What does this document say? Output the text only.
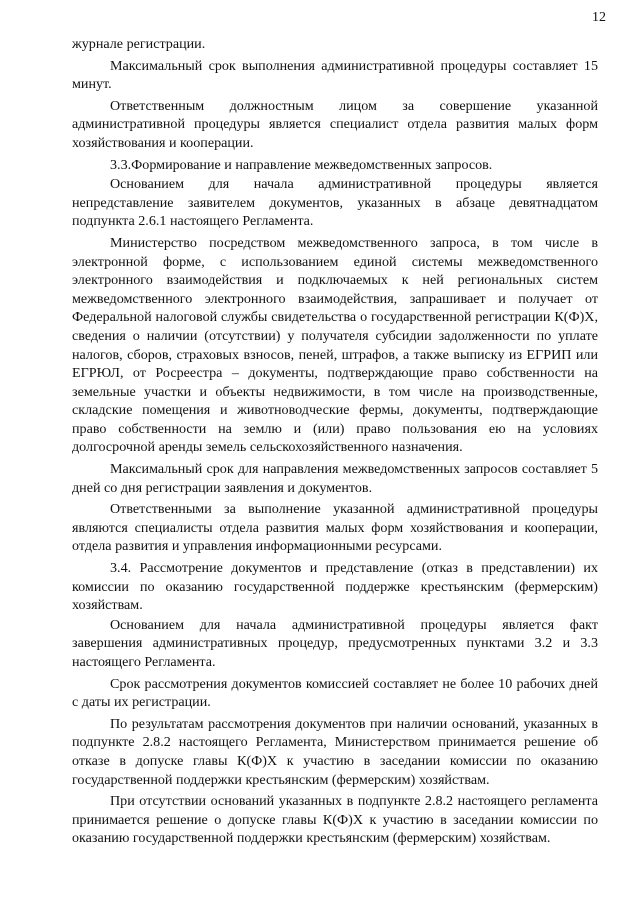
12

журнале регистрации.

Максимальный срок выполнения административной процедуры составляет 15 минут.

Ответственным должностным лицом за совершение указанной административной процедуры является специалист отдела развития малых форм хозяйствования и кооперации.

3.3.Формирование и направление межведомственных запросов.

Основанием для начала административной процедуры является непредставление заявителем документов, указанных в абзаце девятнадцатом подпункта 2.6.1 настоящего Регламента.

Министерство посредством межведомственного запроса, в том числе в электронной форме, с использованием единой системы межведомственного электронного взаимодействия и подключаемых к ней региональных систем межведомственного электронного взаимодействия, запрашивает и получает от Федеральной налоговой службы свидетельства о государственной регистрации К(Ф)Х, сведения о наличии (отсутствии) у получателя субсидии задолженности по уплате налогов, сборов, страховых взносов, пеней, штрафов, а также выписку из ЕГРИП или ЕГРЮЛ, от Росреестра – документы, подтверждающие право собственности на земельные участки и объекты недвижимости, в том числе на производственные, складские помещения и животноводческие фермы, документы, подтверждающие право собственности на землю и (или) право пользования ею на условиях долгосрочной аренды земель сельскохозяйственного назначения.

Максимальный срок для направления межведомственных запросов составляет 5 дней со дня регистрации заявления и документов.

Ответственными за выполнение указанной административной процедуры являются специалисты отдела развития малых форм хозяйствования и кооперации, отдела развития и управления информационными ресурсами.

3.4. Рассмотрение документов и представление (отказ в представлении) их комиссии по оказанию государственной поддержке крестьянским (фермерским) хозяйствам.

Основанием для начала административной процедуры является факт завершения административных процедур, предусмотренных пунктами 3.2 и 3.3 настоящего Регламента.

Срок рассмотрения документов комиссией составляет не более 10 рабочих дней с даты их регистрации.

По результатам рассмотрения документов при наличии оснований, указанных в подпункте 2.8.2 настоящего Регламента, Министерством принимается решение об отказе в допуске главы К(Ф)Х к участию в заседании комиссии по оказанию государственной поддержки крестьянским (фермерским) хозяйствам.

При отсутствии оснований указанных в подпункте 2.8.2 настоящего регламента принимается решение о допуске главы К(Ф)Х к участию в заседании комиссии по оказанию государственной поддержки крестьянским (фермерским) хозяйствам.
